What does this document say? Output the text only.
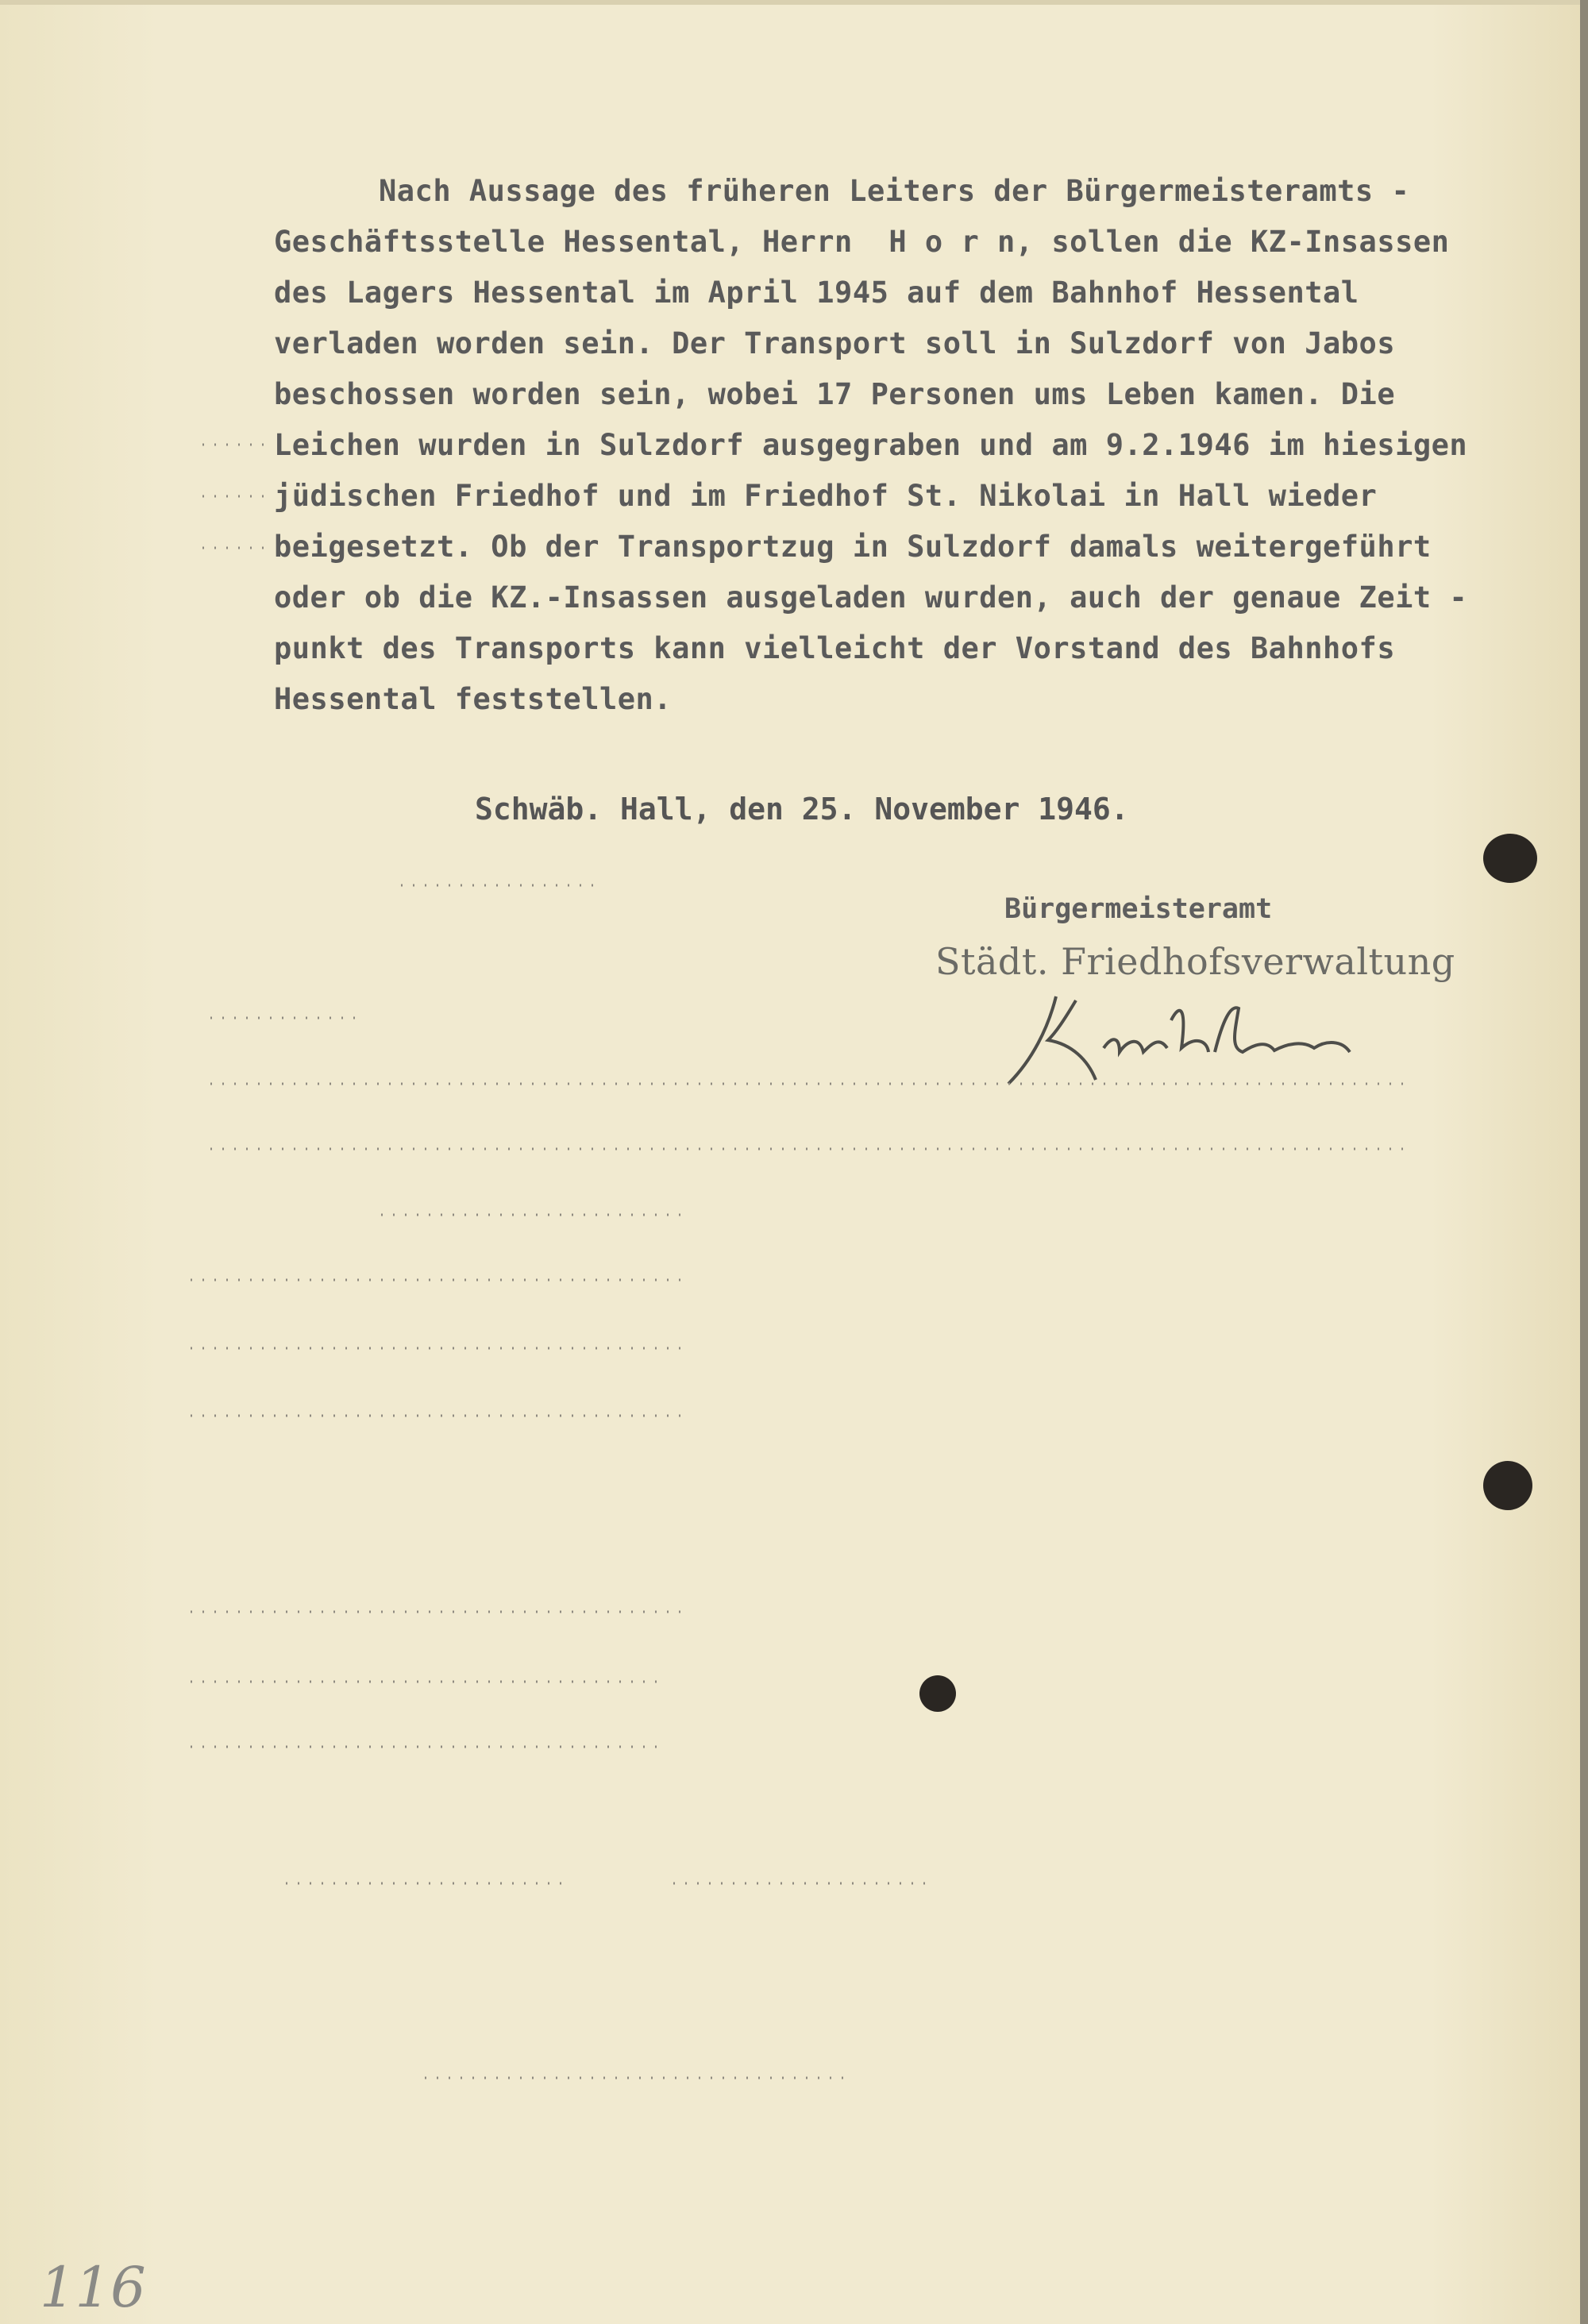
Nach Aussage des früheren Leiters der Bürgermeisteramts -
Geschäftsstelle Hessental, Herrn  H o r n, sollen die KZ-Insassen
des Lagers Hessental im April 1945 auf dem Bahnhof Hessental
verladen worden sein. Der Transport soll in Sulzdorf von Jabos
beschossen worden sein, wobei 17 Personen ums Leben kamen. Die
Leichen wurden in Sulzdorf ausgegraben und am 9.2.1946 im hiesigen
jüdischen Friedhof und im Friedhof St. Nikolai in Hall wieder
beigesetzt. Ob der Transportzug in Sulzdorf damals weitergeführt
oder ob die KZ.-Insassen ausgeladen wurden, auch der genaue Zeit -
punkt des Transports kann vielleicht der Vorstand des Bahnhofs
Hessental feststellen.
Schwäb. Hall, den 25. November 1946.
Bürgermeisteramt
Städt. Friedhofsverwaltung
116
